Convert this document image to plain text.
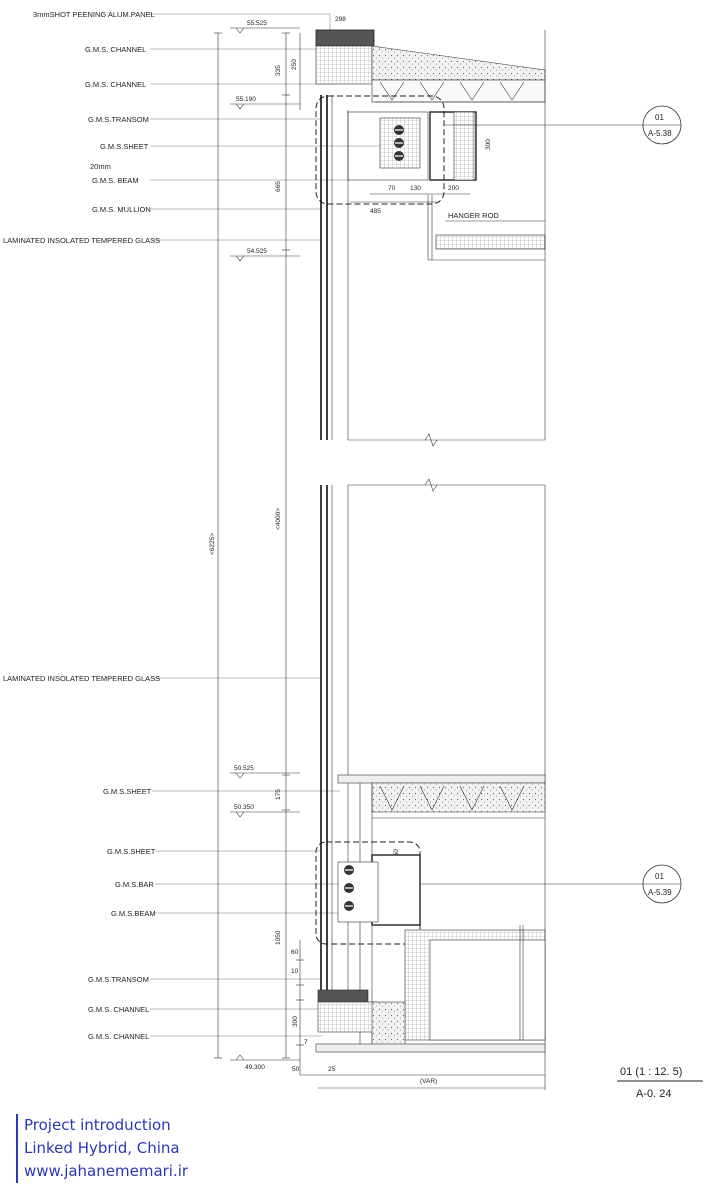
3mmSHOT PEENING ALUM.PANEL
G.M.S. CHANNEL
G.M.S. CHANNEL
G.M.S.TRANSOM
G.M.S.SHEET
20mm
G.M.S. BEAM
G.M.S. MULLION
LAMINATED INSOLATED TEMPERED GLASS
LAMINATED INSOLATED TEMPERED GLASS
G.M.S.SHEET
G.M.S.SHEET
G.M.S.BAR
G.M.S.BEAM
G.M.S.TRANSOM
G.M.S. CHANNEL
G.M.S. CHANNEL
55.525
55.190
54.525
50.525
50.350
49.300
298
335
250
300
665	70 130	200
485
<6225>
<4000>
175
1050
60
10
300
7
50	25
(VAR)
HANGER ROD
01
A-5.38
01
A-5.39
01 (1 : 12. 5)
A-0. 24
Project introduction
Linked Hybrid, China
www.jahanememari.ir
